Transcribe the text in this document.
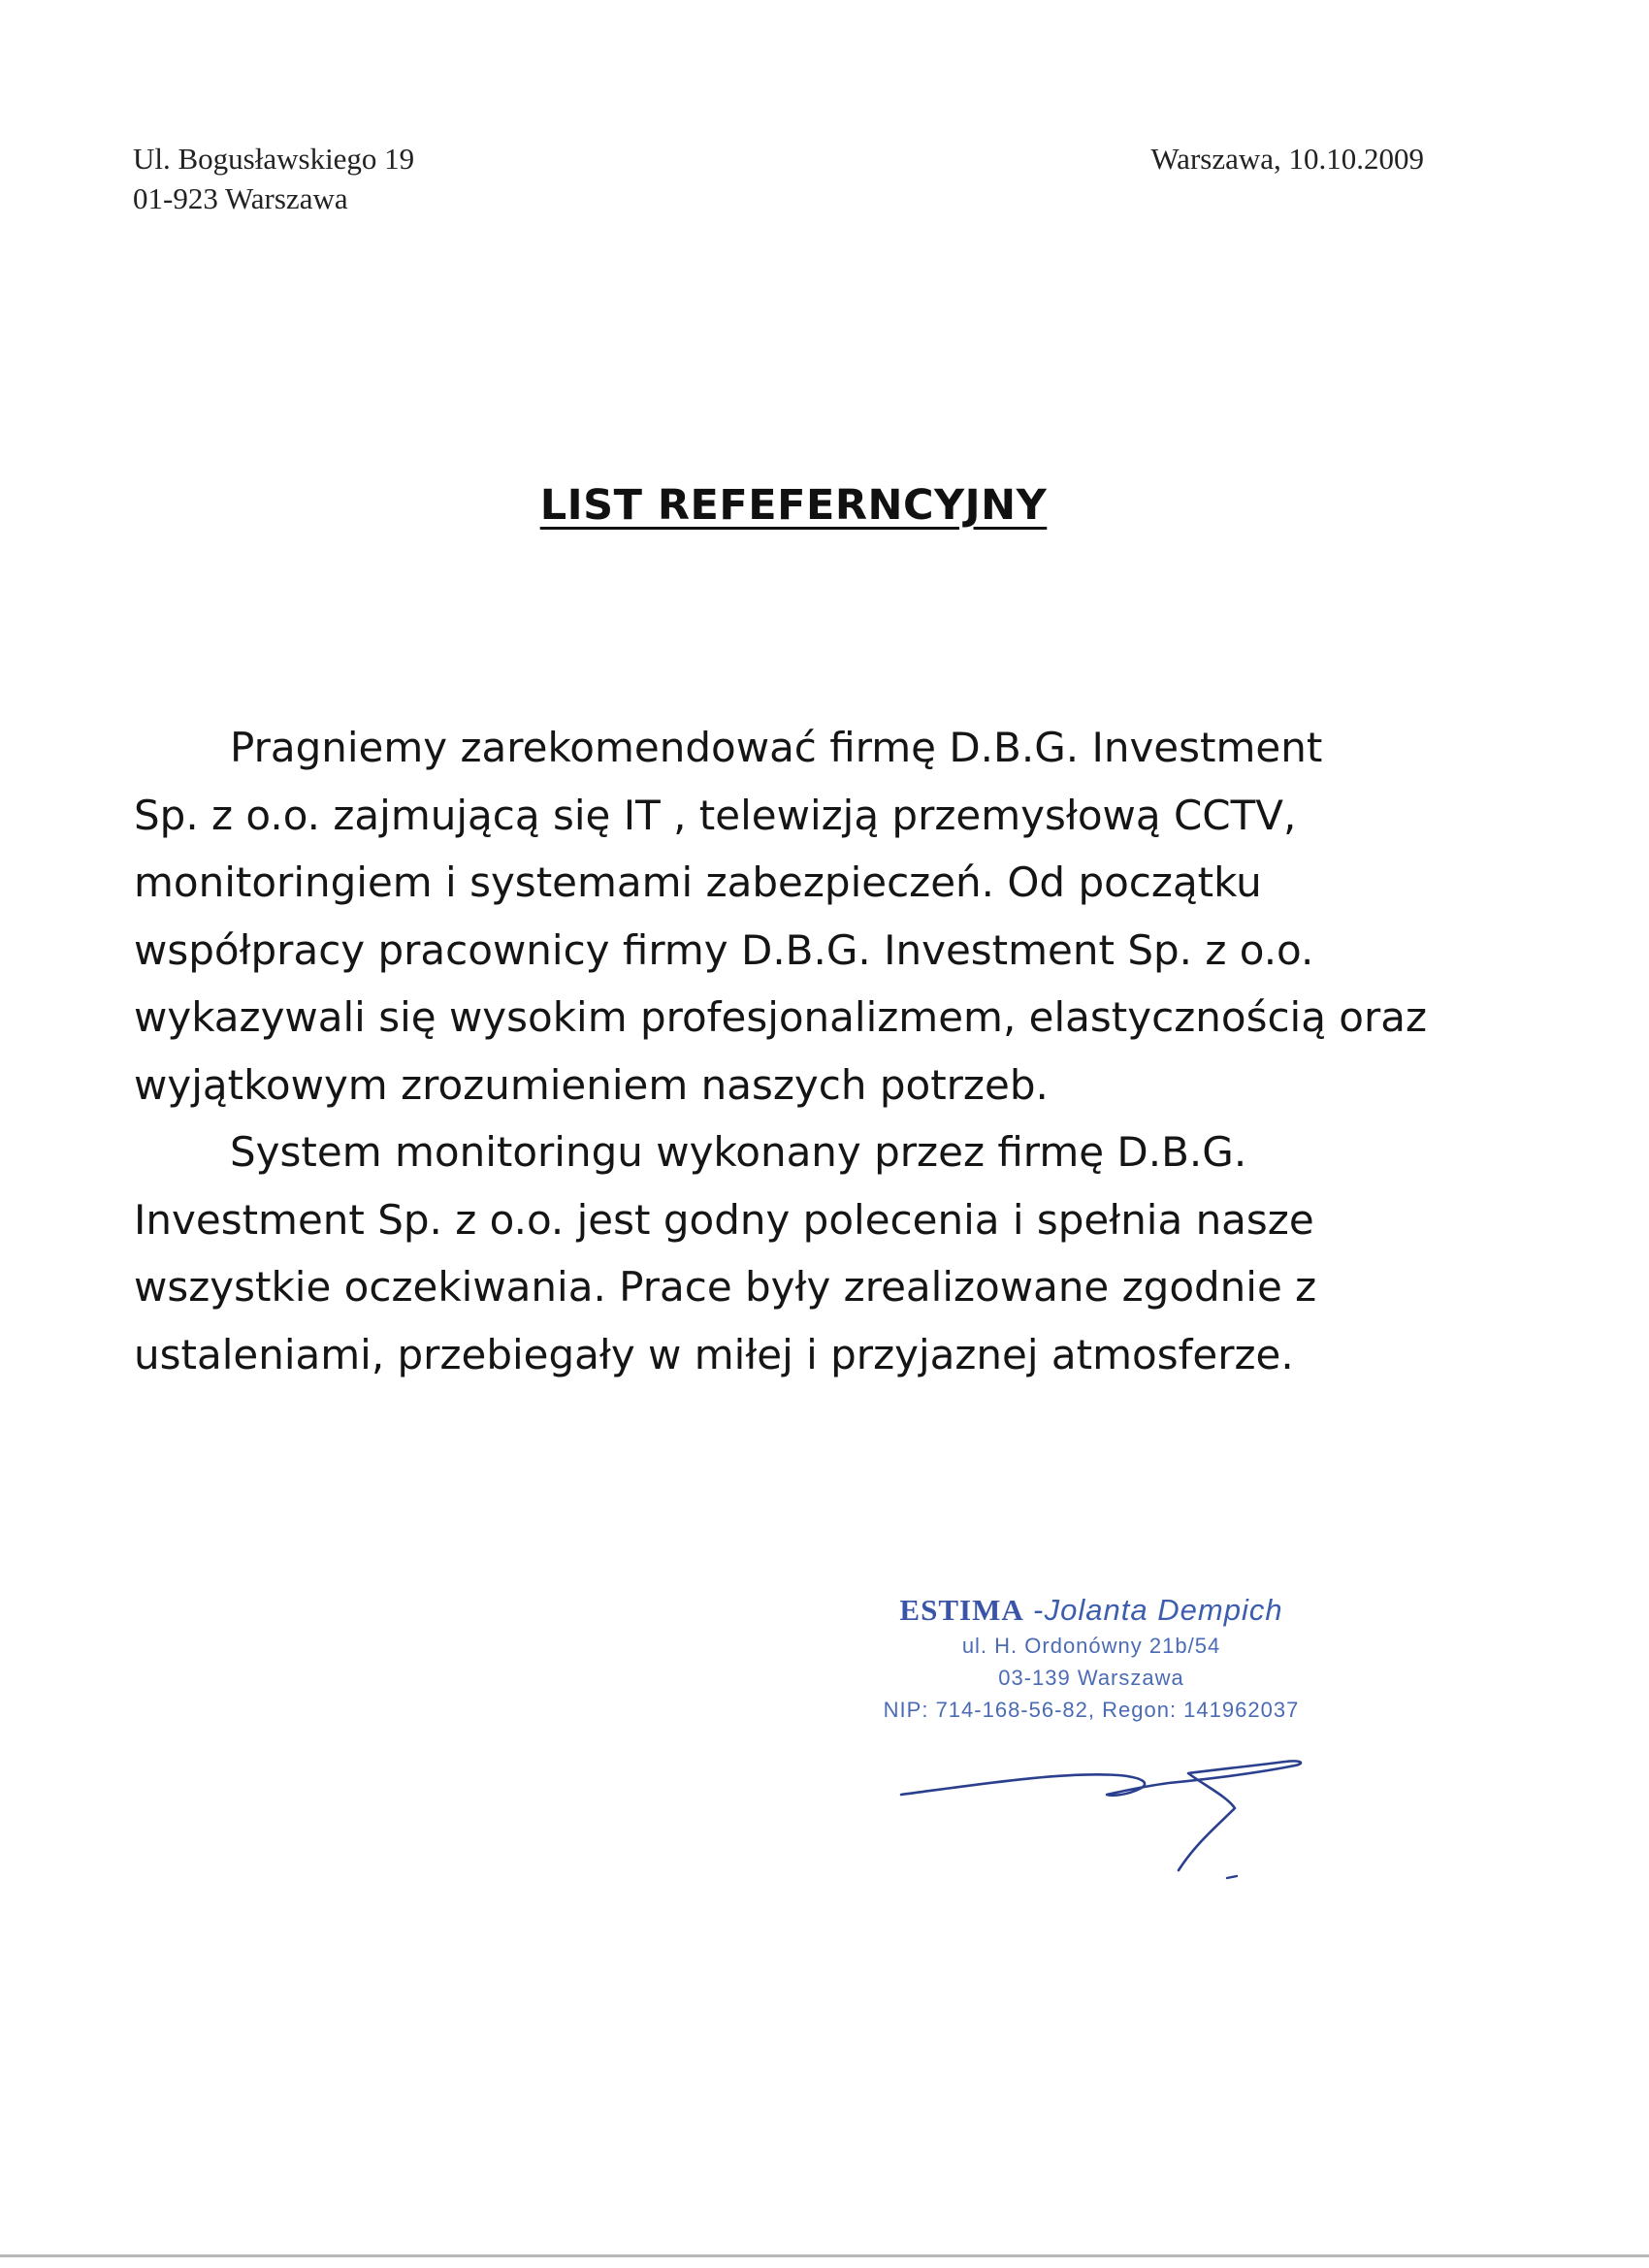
Ul. Bogusławskiego 19
01-923 Warszawa
Warszawa, 10.10.2009
LIST REFEFERNCYJNY
Pragniemy zarekomendować firmę D.B.G. Investment
Sp. z o.o. zajmującą się IT , telewizją przemysłową CCTV,
monitoringiem i systemami zabezpieczeń. Od początku
współpracy pracownicy firmy D.B.G. Investment Sp. z o.o.
wykazywali się wysokim profesjonalizmem, elastycznością oraz
wyjątkowym zrozumieniem naszych potrzeb.
System monitoringu wykonany przez firmę D.B.G.
Investment Sp. z o.o. jest godny polecenia i spełnia nasze
wszystkie oczekiwania. Prace były zrealizowane zgodnie z
ustaleniami, przebiegały w miłej i przyjaznej atmosferze.
ESTIMA -Jolanta Dempich
ul. H. Ordonówny 21b/54
03-139 Warszawa
NIP: 714-168-56-82, Regon: 141962037
